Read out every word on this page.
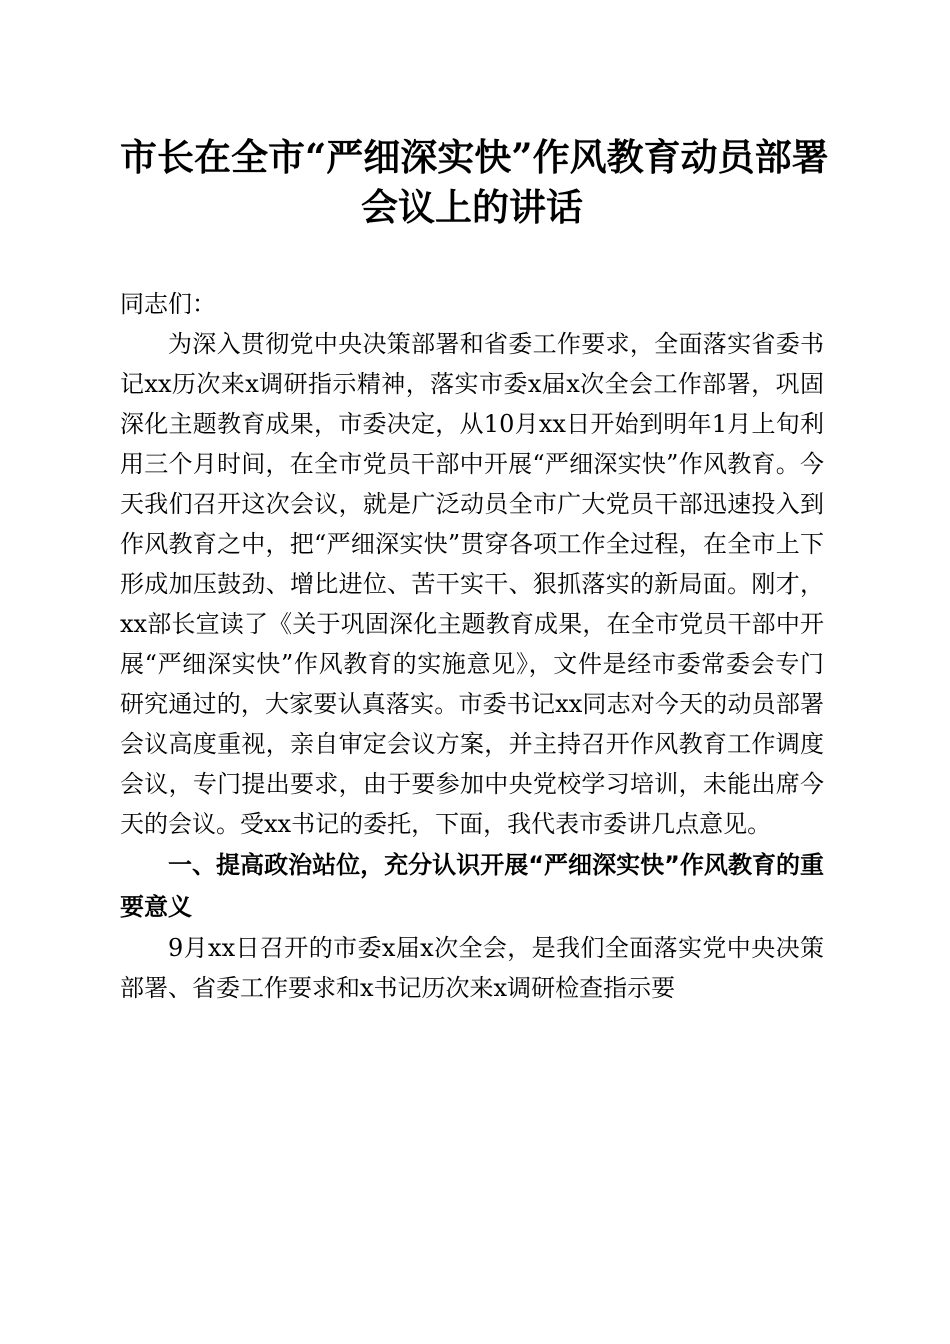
市长在全市“严细深实快”作风教育动员部署
会议上的讲话

同志们：

为深入贯彻党中央决策部署和省委工作要求，全面落实省委书记xx历次来x调研指示精神，落实市委x届x次全会工作部署，巩固深化主题教育成果，市委决定，从10月xx日开始到明年1月上旬利用三个月时间，在全市党员干部中开展“严细深实快”作风教育。今天我们召开这次会议，就是广泛动员全市广大党员干部迅速投入到作风教育之中，把“严细深实快”贯穿各项工作全过程，在全市上下形成加压鼓劲、增比进位、苦干实干、狠抓落实的新局面。刚才，xx部长宣读了《关于巩固深化主题教育成果，在全市党员干部中开展“严细深实快”作风教育的实施意见》，文件是经市委常委会专门研究通过的，大家要认真落实。市委书记xx同志对今天的动员部署会议高度重视，亲自审定会议方案，并主持召开作风教育工作调度会议，专门提出要求，由于要参加中央党校学习培训，未能出席今天的会议。受xx书记的委托，下面，我代表市委讲几点意见。

一、提高政治站位，充分认识开展“严细深实快”作风教育的重要意义

9月xx日召开的市委x届x次全会，是我们全面落实党中央决策部署、省委工作要求和x书记历次来x调研检查指示要
